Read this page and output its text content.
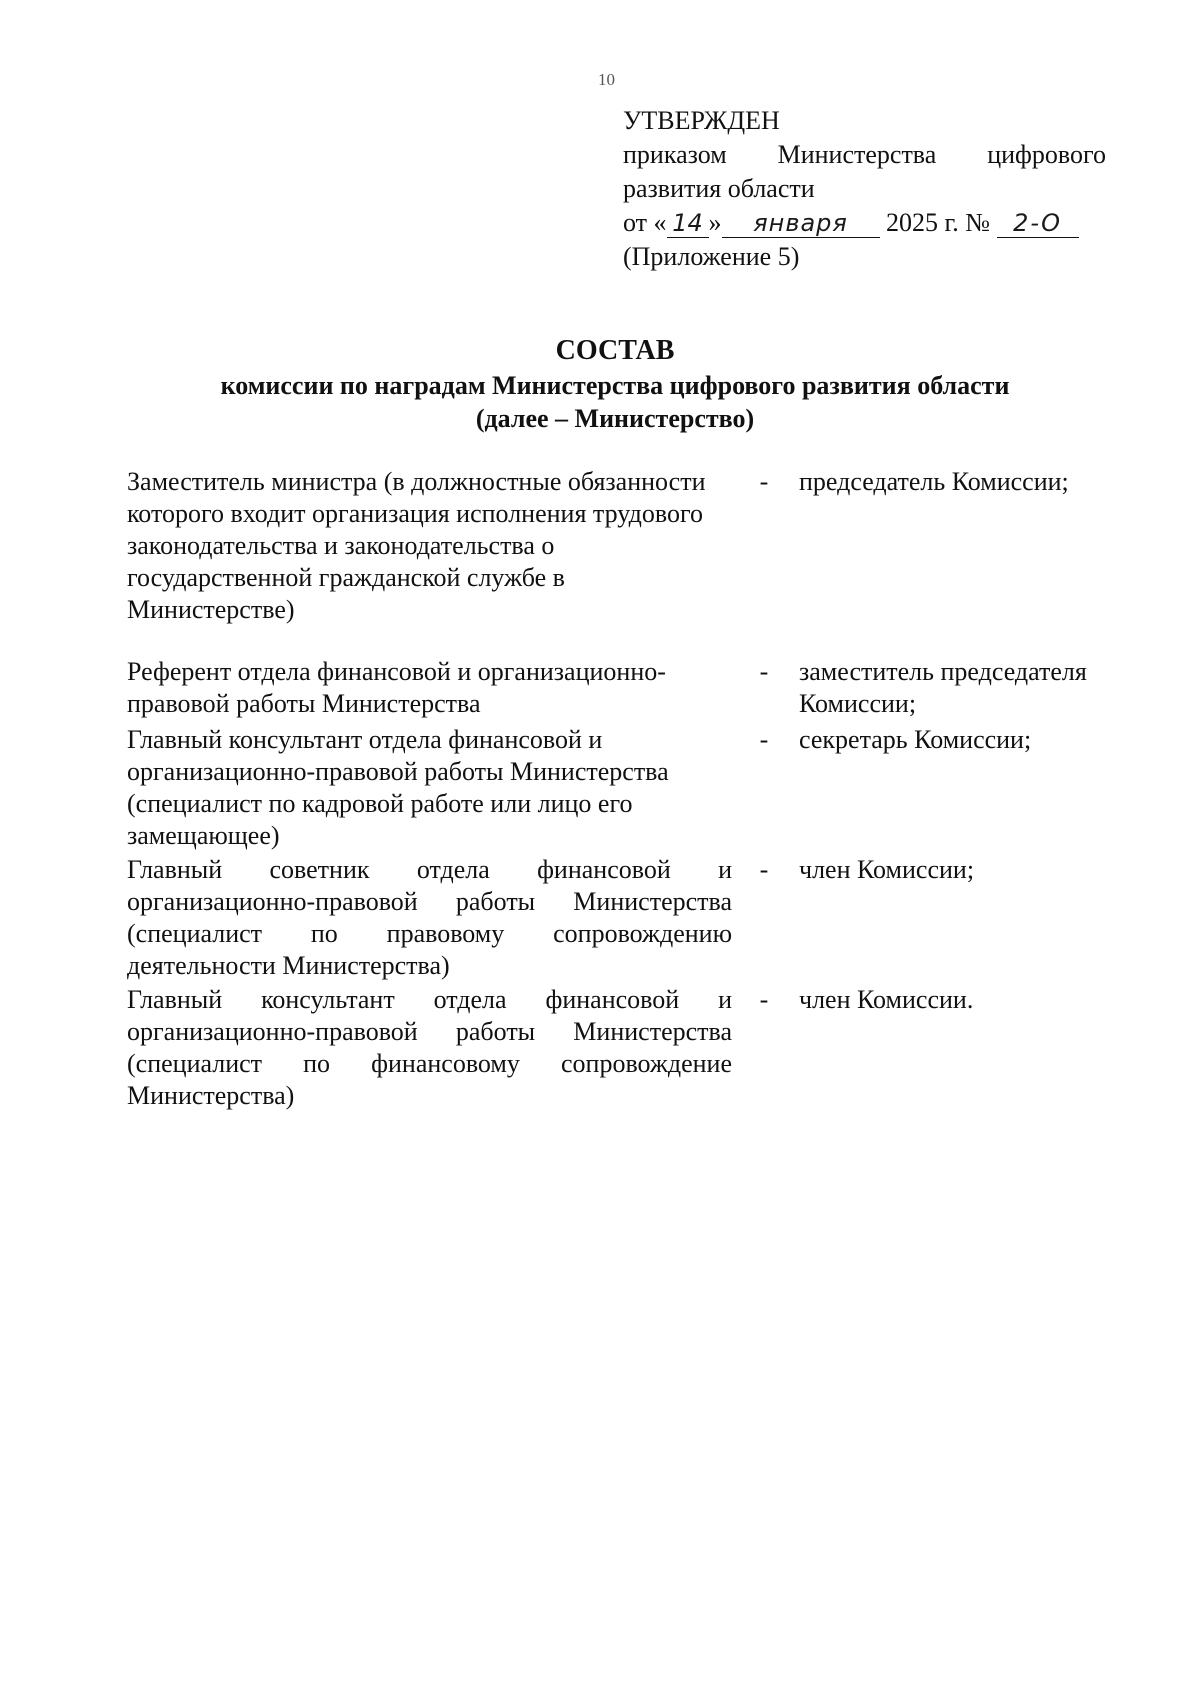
10
УТВЕРЖДЕН
приказом Министерства цифрового
развития области
от « 14 » января 2025 г. № 2-О
(Приложение 5)
СОСТАВ
комиссии по наградам Министерства цифрового развития области
(далее – Министерство)
Заместитель министра (в должностные обязанности которого входит организация исполнения трудового законодательства и законодательства о государственной гражданской службе в Министерстве)
- председатель Комиссии;
Референт отдела финансовой и организационно-правовой работы Министерства
- заместитель председателя Комиссии;
Главный консультант отдела финансовой и организационно-правовой работы Министерства (специалист по кадровой работе или лицо его замещающее)
- секретарь Комиссии;
Главный советник отдела финансовой и организационно-правовой работы Министерства (специалист по правовому сопровождению деятельности Министерства)
- член Комиссии;
Главный консультант отдела финансовой и организационно-правовой работы Министерства (специалист по финансовому сопровождение Министерства)
- член Комиссии.
